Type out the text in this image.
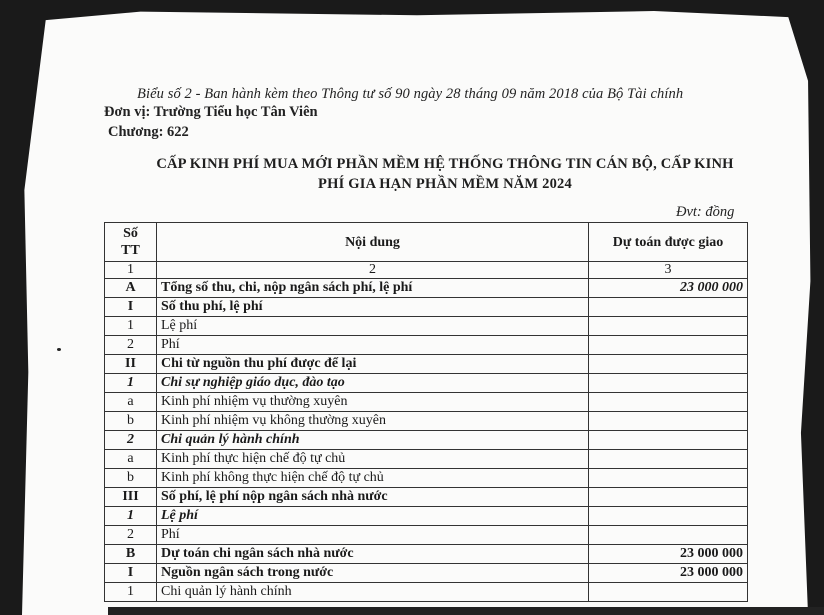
Biểu số 2 - Ban hành kèm theo Thông tư số 90 ngày 28 tháng 09 năm 2018 của Bộ Tài chính
Đơn vị: Trường Tiểu học Tân Viên
Chương: 622
CẤP KINH PHÍ MUA MỚI PHẦN MỀM HỆ THỐNG THÔNG TIN CÁN BỘ, CẤP KINH
PHÍ GIA HẠN PHẦN MỀM NĂM 2024
Đvt: đồng
Số
TT	Nội dung	Dự toán được giao
1	2	3
A	Tổng số thu, chi, nộp ngân sách phí, lệ phí	23 000 000
I	Số thu phí, lệ phí	
1	Lệ phí	
2	Phí	
II	Chi từ nguồn thu phí được để lại	
1	Chi sự nghiệp giáo dục, đào tạo	
a	Kinh phí nhiệm vụ thường xuyên	
b	Kinh phí nhiệm vụ không thường xuyên	
2	Chi quản lý hành chính	
a	Kinh phí thực hiện chế độ tự chủ	
b	Kinh phí không thực hiện chế độ tự chủ	
III	Số phí, lệ phí nộp ngân sách nhà nước	
1	Lệ phí	
2	Phí	
B	Dự toán chi ngân sách nhà nước	23 000 000
I	Nguồn ngân sách trong nước	23 000 000
1	Chi quản lý hành chính	
